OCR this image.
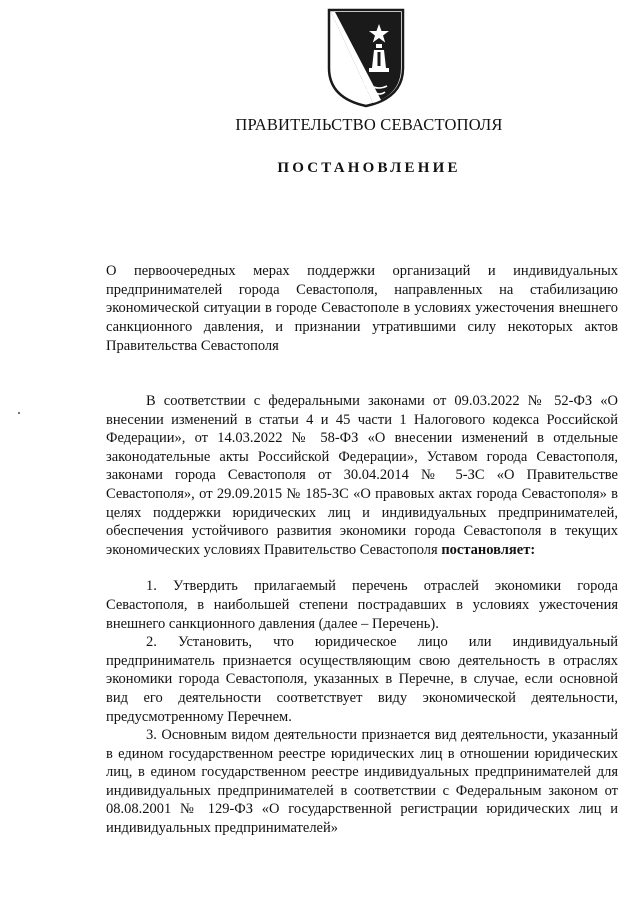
ПРАВИТЕЛЬСТВО СЕВАСТОПОЛЯ
ПОСТАНОВЛЕНИЕ
О первоочередных мерах поддержки организаций и индивидуальных предпринимателей города Севастополя, направленных на стабилизацию экономической ситуации в городе Севастополе в условиях ужесточения внешнего санкционного давления, и признании утратившими силу некоторых актов Правительства Севастополя

В соответствии с федеральными законами от 09.03.2022 № 52-ФЗ «О внесении изменений в статьи 4 и 45 части 1 Налогового кодекса Российской Федерации», от 14.03.2022 № 58-ФЗ «О внесении изменений в отдельные законодательные акты Российской Федерации», Уставом города Севастополя, законами города Севастополя от 30.04.2014 № 5-ЗС «О Правительстве Севастополя», от 29.09.2015 № 185-ЗС «О правовых актах города Севастополя» в целях поддержки юридических лиц и индивидуальных предпринимателей, обеспечения устойчивого развития экономики города Севастополя в текущих экономических условиях Правительство Севастополя постановляет:

1. Утвердить прилагаемый перечень отраслей экономики города Севастополя, в наибольшей степени пострадавших в условиях ужесточения внешнего санкционного давления (далее – Перечень).

2. Установить, что юридическое лицо или индивидуальный предприниматель признается осуществляющим свою деятельность в отраслях экономики города Севастополя, указанных в Перечне, в случае, если основной вид его деятельности соответствует виду экономической деятельности, предусмотренному Перечнем.

3. Основным видом деятельности признается вид деятельности, указанный в едином государственном реестре юридических лиц в отношении юридических лиц, в едином государственном реестре индивидуальных предпринимателей для индивидуальных предпринимателей в соответствии с Федеральным законом от 08.08.2001 № 129-ФЗ «О государственной регистрации юридических лиц и индивидуальных предпринимателей»
